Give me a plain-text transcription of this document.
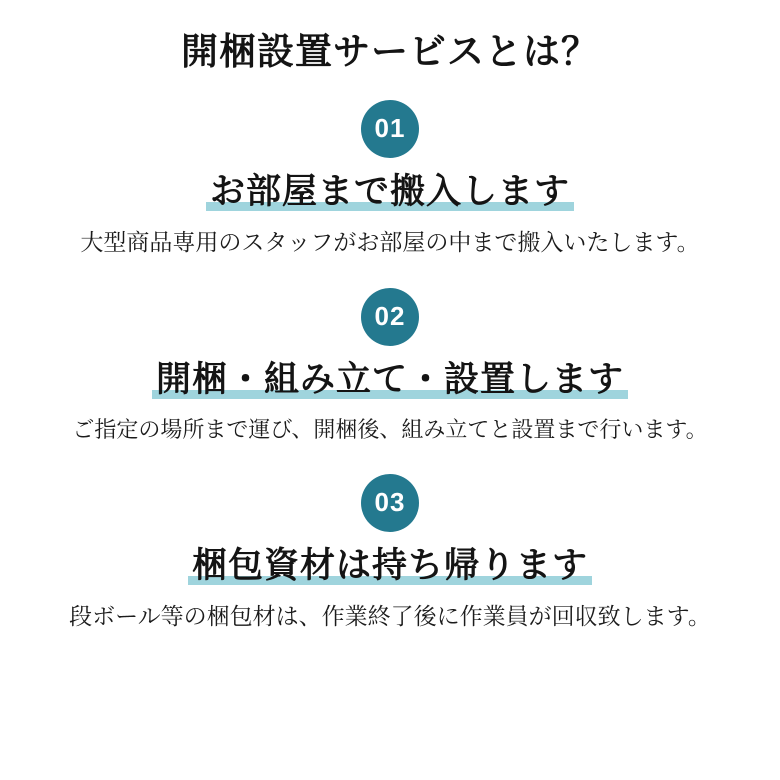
開梱設置サービスとは？
01
お部屋まで搬入します
大型商品専用のスタッフがお部屋の中まで搬入いたします。
02
開梱・組み立て・設置します
ご指定の場所まで運び、開梱後、組み立てと設置まで行います。
03
梱包資材は持ち帰ります
段ボール等の梱包材は、作業終了後に作業員が回収致します。
